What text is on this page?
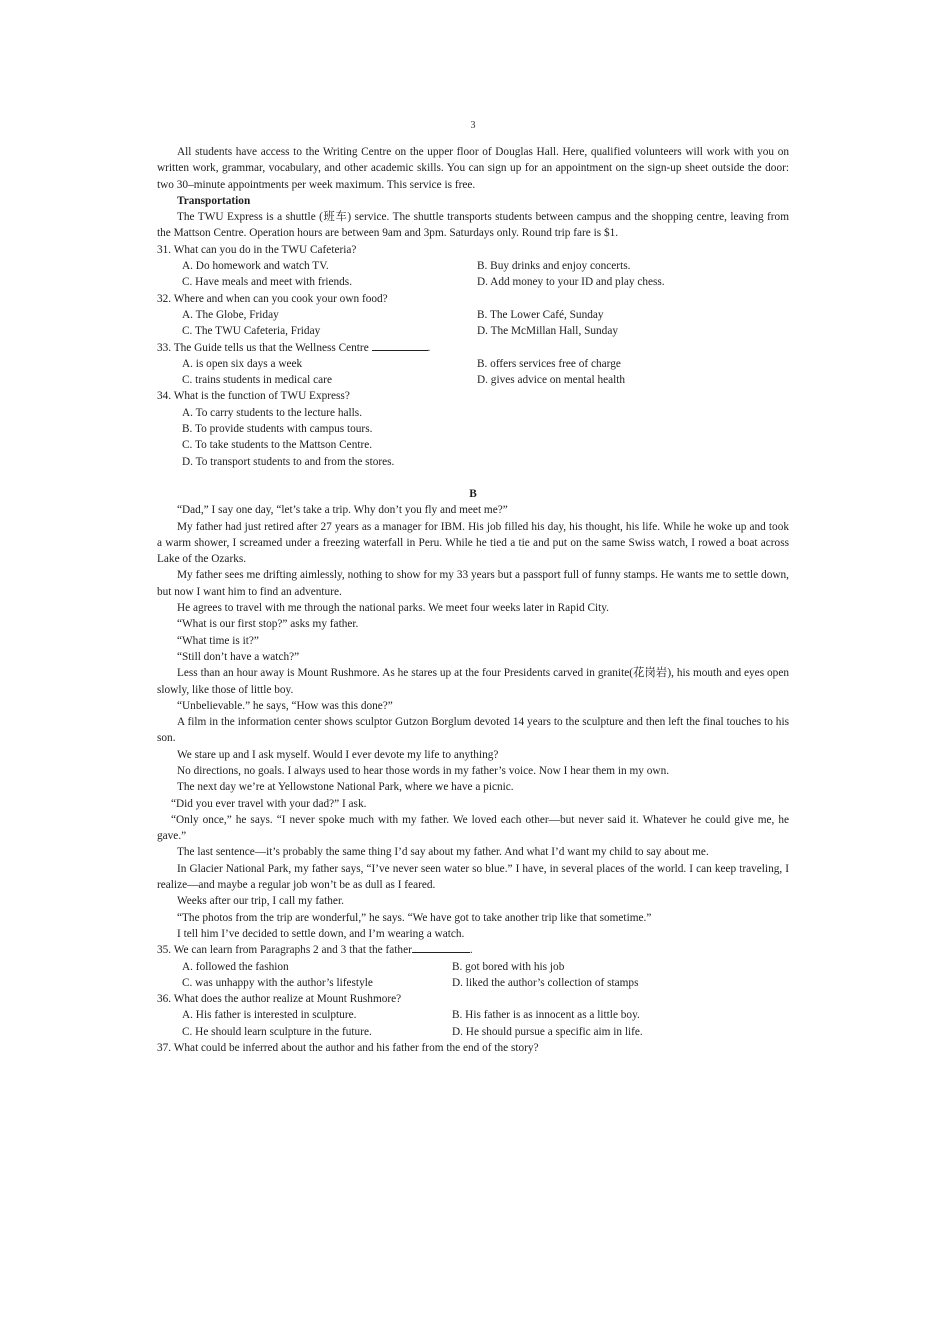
3

All students have access to the Writing Centre on the upper floor of Douglas Hall. Here, qualified volunteers will work with you on written work, grammar, vocabulary, and other academic skills. You can sign up for an appointment on the sign-up sheet outside the door: two 30–minute appointments per week maximum. This service is free.

Transportation

The TWU Express is a shuttle (班车) service. The shuttle transports students between campus and the shopping centre, leaving from the Mattson Centre. Operation hours are between 9am and 3pm. Saturdays only. Round trip fare is $1.

31. What can you do in the TWU Cafeteria?
A. Do homework and watch TV.	B. Buy drinks and enjoy concerts.
C. Have meals and meet with friends.	D. Add money to your ID and play chess.
32. Where and when can you cook your own food?
A. The Globe, Friday	B. The Lower Café, Sunday
C. The TWU Cafeteria, Friday	D. The McMillan Hall, Sunday
33. The Guide tells us that the Wellness Centre	.
A. is open six days a week	B. offers services free of charge
C. trains students in medical care	D. gives advice on mental health
34. What is the function of TWU Express?
A. To carry students to the lecture halls.
B. To provide students with campus tours.
C. To take students to the Mattson Centre.
D. To transport students to and from the stores.
B

“Dad,” I say one day, “let’s take a trip. Why don’t you fly and meet me?”

My father had just retired after 27 years as a manager for IBM. His job filled his day, his thought, his life. While he woke up and took a warm shower, I screamed under a freezing waterfall in Peru. While he tied a tie and put on the same Swiss watch, I rowed a boat across Lake of the Ozarks.

My father sees me drifting aimlessly, nothing to show for my 33 years but a passport full of funny stamps. He wants me to settle down, but now I want him to find an adventure.

He agrees to travel with me through the national parks. We meet four weeks later in Rapid City.

“What is our first stop?” asks my father.

“What time is it?”

“Still don’t have a watch?”

Less than an hour away is Mount Rushmore. As he stares up at the four Presidents carved in granite(花岗岩), his mouth and eyes open slowly, like those of little boy.

“Unbelievable.” he says, “How was this done?”

A film in the information center shows sculptor Gutzon Borglum devoted 14 years to the sculpture and then left the final touches to his son.

We stare up and I ask myself. Would I ever devote my life to anything?

No directions, no goals. I always used to hear those words in my father’s voice. Now I hear them in my own.

The next day we’re at Yellowstone National Park, where we have a picnic.

“Did you ever travel with your dad?” I ask.

“Only once,” he says. “I never spoke much with my father. We loved each other—but never said it. Whatever he could give me, he gave.”

The last sentence—it’s probably the same thing I’d say about my father. And what I’d want my child to say about me.

In Glacier National Park, my father says, “I’ve never seen water so blue.” I have, in several places of the world. I can keep traveling, I realize—and maybe a regular job won’t be as dull as I feared.

Weeks after our trip, I call my father.

“The photos from the trip are wonderful,” he says. “We have got to take another trip like that sometime.”

I tell him I’ve decided to settle down, and I’m wearing a watch.

35. We can learn from Paragraphs 2 and 3 that the father	.
A. followed the fashion	B. got bored with his job
C. was unhappy with the author’s lifestyle	D. liked the author’s collection of stamps
36. What does the author realize at Mount Rushmore?
A. His father is interested in sculpture.	B. His father is as innocent as a little boy.
C. He should learn sculpture in the future.	D. He should pursue a specific aim in life.
37. What could be inferred about the author and his father from the end of the story?
